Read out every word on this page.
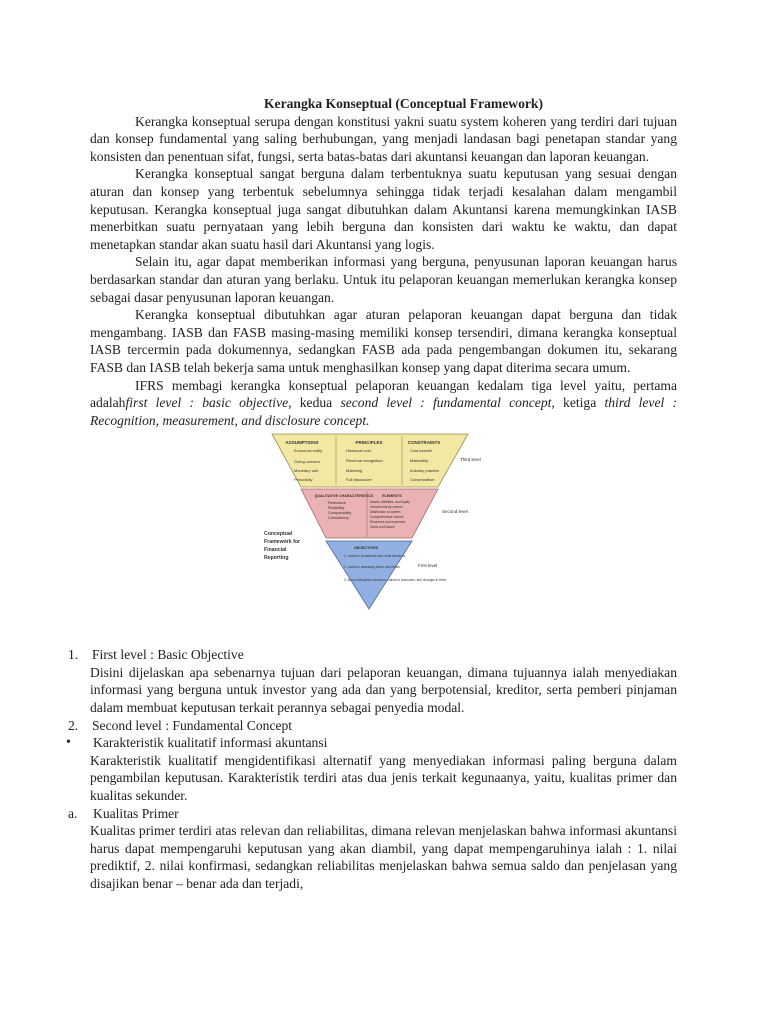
Kerangka Konseptual (Conceptual Framework)

Kerangka konseptual serupa dengan konstitusi yakni suatu system koheren yang terdiri dari tujuan dan konsep fundamental yang saling berhubungan, yang menjadi landasan bagi penetapan standar yang konsisten dan penentuan sifat, fungsi, serta batas-batas dari akuntansi keuangan dan laporan keuangan.

Kerangka konseptual sangat berguna dalam terbentuknya suatu keputusan yang sesuai dengan aturan dan konsep yang terbentuk sebelumnya sehingga tidak terjadi kesalahan dalam mengambil keputusan. Kerangka konseptual juga sangat dibutuhkan dalam Akuntansi karena memungkinkan IASB menerbitkan suatu pernyataan yang lebih berguna dan konsisten dari waktu ke waktu, dan dapat menetapkan standar akan suatu hasil dari Akuntansi yang logis.

Selain itu, agar dapat memberikan informasi yang berguna, penyusunan laporan keuangan harus berdasarkan standar dan aturan yang berlaku. Untuk itu pelaporan keuangan memerlukan kerangka konsep sebagai dasar penyusunan laporan keuangan.

Kerangka konseptual dibutuhkan agar aturan pelaporan keuangan dapat berguna dan tidak mengambang. IASB dan FASB masing-masing memiliki konsep tersendiri, dimana kerangka konseptual IASB tercermin pada dokumennya, sedangkan FASB ada pada pengembangan dokumen itu, sekarang FASB dan IASB telah bekerja sama untuk menghasilkan konsep yang dapat diterima secara umum.

IFRS membagi kerangka konseptual pelaporan keuangan kedalam tiga level yaitu, pertama adalahfirst level : basic objective, kedua second level : fundamental concept, ketiga third level : Recognition, measurement, and disclosure concept.

ASSUMPTIONS
Economic entity
Going concern
Monetary unit
Periodicity
PRINCIPLES
Historical cost
Revenue recognition
Matching
Full disclosure
CONSTRAINTS
Cost-benefit
Materiality
Industry practice
Conservatism
Third level
QUALITATIVE CHARACTERISTICS
Relevance
Reliability
Comparability
Consistency
ELEMENTS
Assets, liabilities, and equity
Investments by owners
Distribution to owners
Comprehensive income
Revenues and expenses
Gains and losses
Second level
OBJECTIVES
1. Useful in investment and credit decisions
2. Useful in assessing future cash flows
3. About enterprise resources, claims to resources, and changes in them
First level
Conceptual
Framework for
Financial
Reporting

1.	First level : Basic Objective

Disini dijelaskan apa sebenarnya tujuan dari pelaporan keuangan, dimana tujuannya ialah menyediakan informasi yang berguna untuk investor yang ada dan yang berpotensial, kreditor, serta pemberi pinjaman dalam membuat keputusan terkait perannya sebagai penyedia modal.

2.	Second level : Fundamental Concept

• Karakteristik kualitatif informasi akuntansi

Karakteristik kualitatif mengidentifikasi alternatif yang menyediakan informasi paling berguna dalam pengambilan keputusan. Karakteristik terdiri atas dua jenis terkait kegunaanya, yaitu, kualitas primer dan kualitas sekunder.

a.	Kualitas Primer

Kualitas primer terdiri atas relevan dan reliabilitas, dimana relevan menjelaskan bahwa informasi akuntansi harus dapat mempengaruhi keputusan yang akan diambil, yang dapat mempengaruhinya ialah : 1. nilai prediktif, 2. nilai konfirmasi, sedangkan reliabilitas menjelaskan bahwa semua saldo dan penjelasan yang disajikan benar – benar ada dan terjadi,
